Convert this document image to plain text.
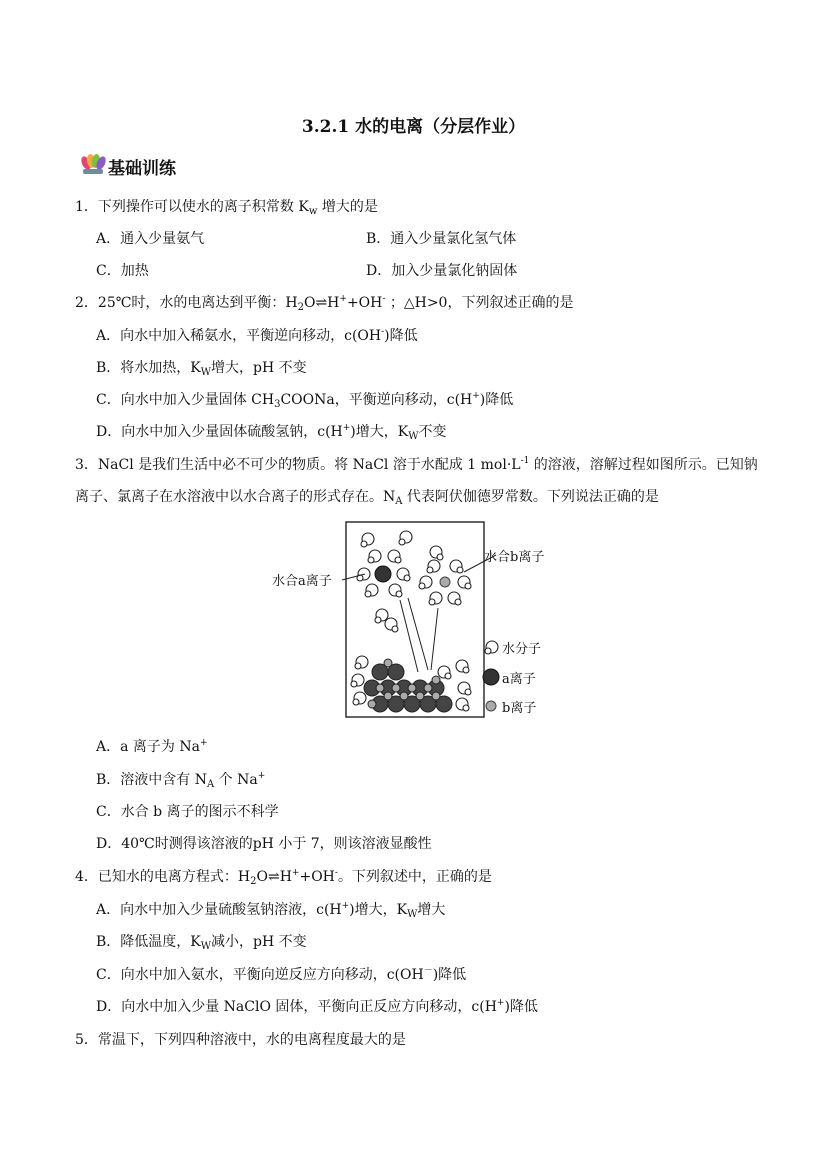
3.2.1 水的电离（分层作业）
基础训练
1．下列操作可以使水的离子积常数 $K_w$ 增大的是
A．通入少量氨气	B．通入少量氯化氢气体
C．加热	D．加入少量氯化钠固体
2．25℃时，水的电离达到平衡：$H_2O\rightleftharpoons H^++OH^-$ ；△H>0，下列叙述正确的是
A．向水中加入稀氨水，平衡逆向移动，c(OH-)降低
B．将水加热，$K_W$增大，pH 不变
C．向水中加入少量固体 $CH_3COONa$，平衡逆向移动，c(H+)降低
D．向水中加入少量固体硫酸氢钠，c(H+)增大，$K_W$不变
3．NaCl 是我们生活中必不可少的物质。将 NaCl 溶于水配成 1 $mol\cdot L^{-1}$ 的溶液，溶解过程如图所示。已知钠
离子、氯离子在水溶液中以水合离子的形式存在。$N_A$ 代表阿伏伽德罗常数。下列说法正确的是
水合a离子
水合b离子
水分子
a离子
b离子
A．a 离子为 Na+
B．溶液中含有 $N_A$ 个 Na+
C．水合 b 离子的图示不科学
D．40℃时测得该溶液的pH 小于 7，则该溶液显酸性
4．已知水的电离方程式：$H_2O\rightleftharpoons H^++OH^-$。下列叙述中，正确的是
A．向水中加入少量硫酸氢钠溶液，c(H+)增大，$K_W$增大
B．降低温度，$K_W$减小，pH 不变
C．向水中加入氨水，平衡向逆反应方向移动，c(OH－)降低
D．向水中加入少量 NaClO 固体，平衡向正反应方向移动，c(H+)降低
5．常温下，下列四种溶液中，水的电离程度最大的是
